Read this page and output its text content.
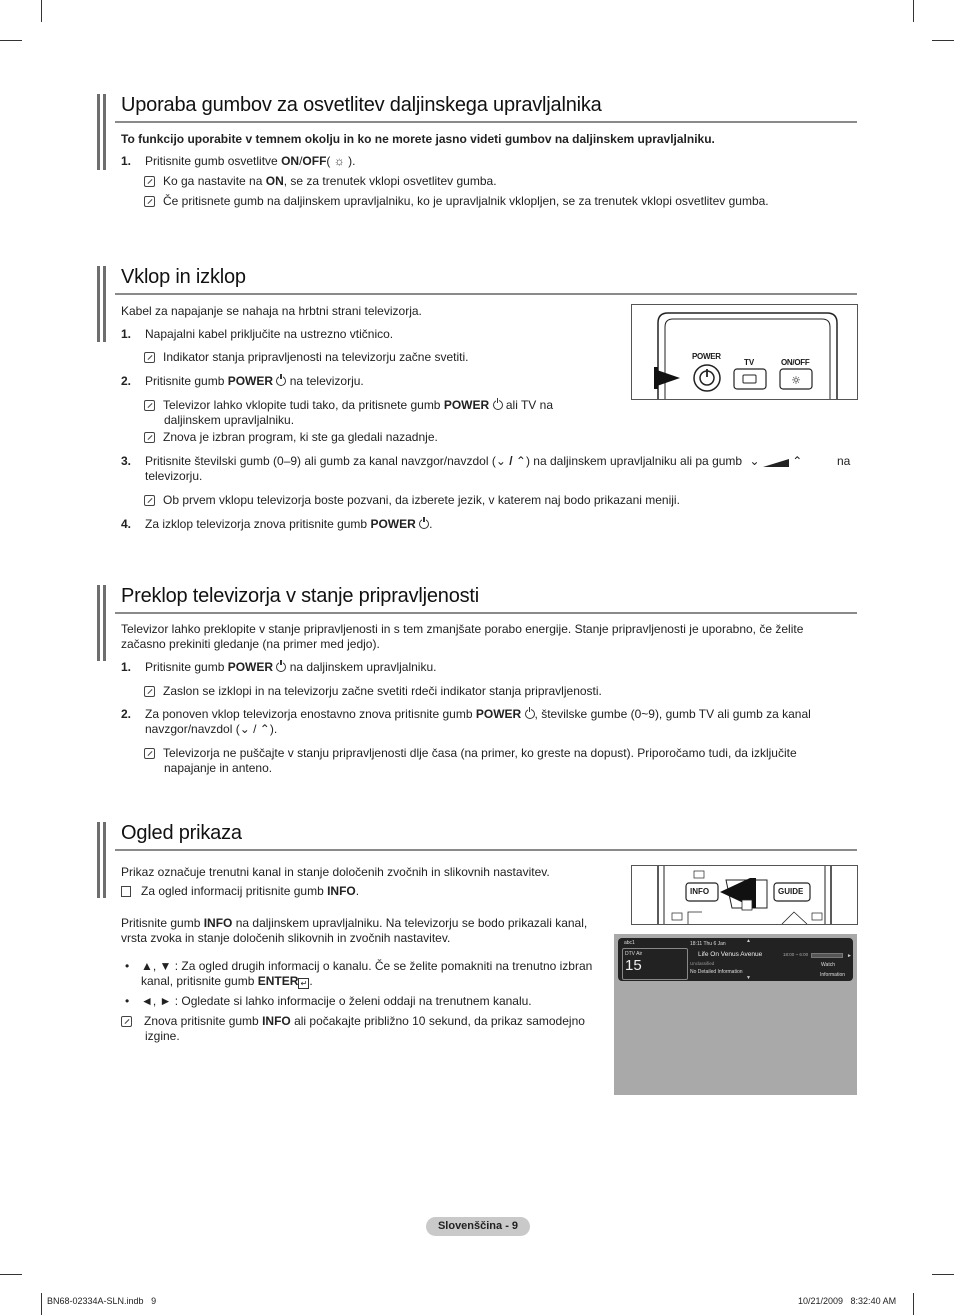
Uporaba gumbov za osvetlitev daljinskega upravljalnika
To funkcijo uporabite v temnem okolju in ko ne morete jasno videti gumbov na daljinskem upravljalniku.
1. Pritisnite gumb osvetlitve ON/OFF( ☼ ).
Ko ga nastavite na ON, se za trenutek vklopi osvetlitev gumba.
Če pritisnete gumb na daljinskem upravljalniku, ko je upravljalnik vklopljen, se za trenutek vklopi osvetlitev gumba.
Vklop in izklop
Kabel za napajanje se nahaja na hrbtni strani televizorja.
1. Napajalni kabel priključite na ustrezno vtičnico.
Indikator stanja pripravljenosti na televizorju začne svetiti.
2. Pritisnite gumb POWER  na televizorju.
Televizor lahko vklopite tudi tako, da pritisnete gumb POWER  ali TV na
daljinskem upravljalniku.
Znova je izbran program, ki ste ga gledali nazadnje.
3. Pritisnite številski gumb (0–9) ali gumb za kanal navzgor/navzdol (⌄ / ⌃) na daljinskem upravljalniku ali pa gumb ⌄	⌃	na

televizorju.
Ob prvem vklopu televizorja boste pozvani, da izberete jezik, v katerem naj bodo prikazani meniji.
4. Za izklop televizorja znova pritisnite gumb POWER .
☼
POWER
TV	ON/OFF
Preklop televizorja v stanje pripravljenosti
Televizor lahko preklopite v stanje pripravljenosti in s tem zmanjšate porabo energije. Stanje pripravljenosti je uporabno, če želite
začasno prekiniti gledanje (na primer med jedjo).
1. Pritisnite gumb POWER  na daljinskem upravljalniku.
Zaslon se izklopi in na televizorju začne svetiti rdeči indikator stanja pripravljenosti.
2. Za ponoven vklop televizorja enostavno znova pritisnite gumb POWER , številske gumbe (0~9), gumb TV ali gumb za kanal
navzgor/navzdol (⌄ / ⌃).
Televizorja ne puščajte v stanju pripravljenosti dlje časa (na primer, ko greste na dopust). Priporočamo tudi, da izključite
napajanje in anteno.
Ogled prikaza
Prikaz označuje trenutni kanal in stanje določenih zvočnih in slikovnih nastavitev.
Za ogled informacij pritisnite gumb INFO.
Pritisnite gumb INFO na daljinskem upravljalniku. Na televizorju se bodo prikazali kanal,
vrsta zvoka in stanje določenih slikovnih in zvočnih nastavitev.
• ▲, ▼ : Za ogled drugih informacij o kanalu. Če se želite pomakniti na trenutno izbran
kanal, pritisnite gumb ENTER ↵ .
• ◄, ► : Ogledate si lahko informacije o želeni oddaji na trenutnem kanalu.
Znova pritisnite gumb INFO ali počakajte približno 10 sekund, da prikaz samodejno
izgine.
INFO	GUIDE
abc1
DTV Air
15
18:11 Thu 6 Jan	▲
Life On Venus Avenue
Unclassified
No Detailed Information
▼
18:00 ~ 6:00	►
Watch
Information
Slovenščina - 9
BN68-02334A-SLN.indb   9	10/21/2009   8:32:40 AM
